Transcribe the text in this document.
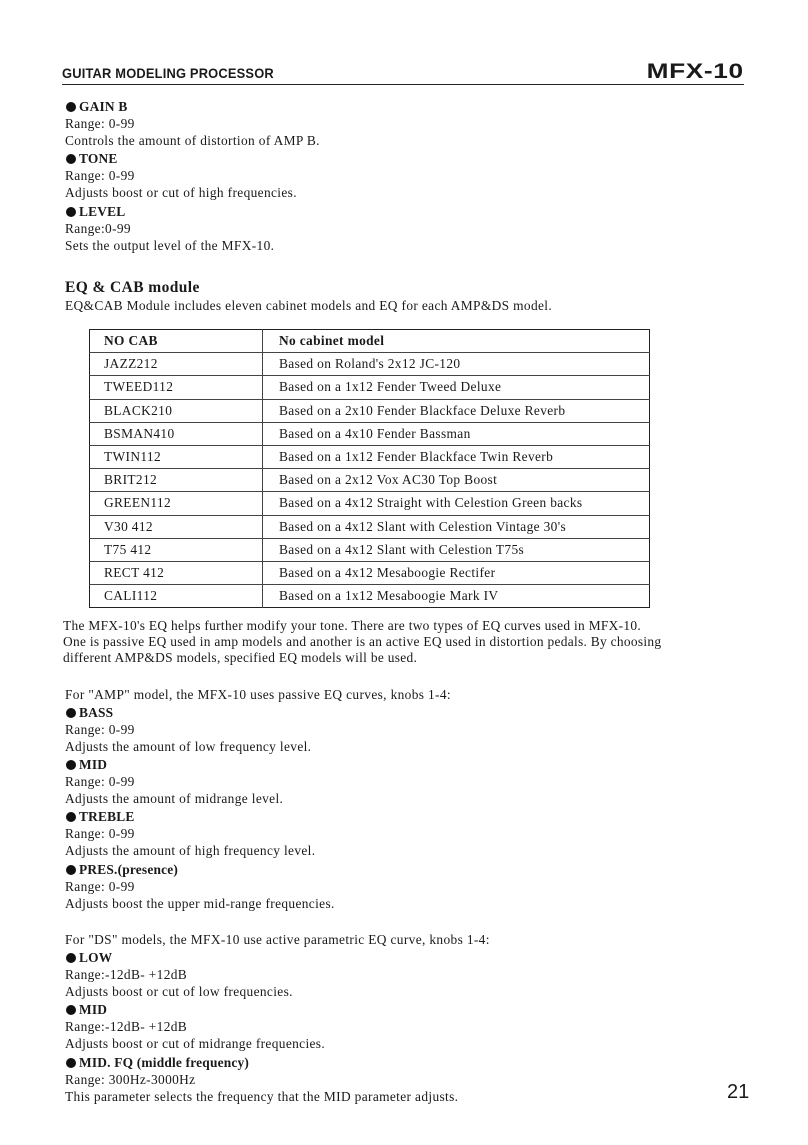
GUITAR MODELING PROCESSOR	MFX-10
GAIN B
Range: 0-99
Controls the amount of distortion of AMP B.
TONE
Range: 0-99
Adjusts boost or cut of high frequencies.
LEVEL
Range:0-99
Sets the output level of the MFX-10.
EQ & CAB module
EQ&CAB Module includes eleven cabinet models and EQ for each AMP&DS model.
NO CAB	No cabinet model
JAZZ212	Based on Roland's 2x12 JC-120
TWEED112	Based on a 1x12 Fender Tweed Deluxe
BLACK210	Based on a 2x10 Fender Blackface Deluxe Reverb
BSMAN410	Based on a 4x10 Fender Bassman
TWIN112	Based on a 1x12 Fender Blackface Twin Reverb
BRIT212	Based on a 2x12 Vox AC30 Top Boost
GREEN112	Based on a 4x12 Straight with Celestion Green backs
V30 412	Based on a 4x12 Slant with Celestion Vintage 30's
T75 412	Based on a 4x12 Slant with Celestion T75s
RECT 412	Based on a 4x12 Mesaboogie Rectifer
CALI112	Based on a 1x12 Mesaboogie Mark IV
The MFX-10's EQ helps further modify your tone. There are two types of EQ curves used in MFX-10.
One is passive EQ used in amp models and another is an active EQ used in distortion pedals. By choosing
different AMP&DS models, specified EQ models will be used.
For "AMP" model, the MFX-10 uses passive EQ curves, knobs 1-4:
BASS
Range: 0-99
Adjusts the amount of low frequency level.
MID
Range: 0-99
Adjusts the amount of midrange level.
TREBLE
Range: 0-99
Adjusts the amount of high frequency level.
PRES.(presence)
Range: 0-99
Adjusts boost the upper mid-range frequencies.
For "DS" models, the MFX-10 use active parametric EQ curve, knobs 1-4:
LOW
Range:-12dB- +12dB
Adjusts boost or cut of low frequencies.
MID
Range:-12dB- +12dB
Adjusts boost or cut of midrange frequencies.
MID. FQ (middle frequency)
Range: 300Hz-3000Hz
This parameter selects the frequency that the MID parameter adjusts.	21
